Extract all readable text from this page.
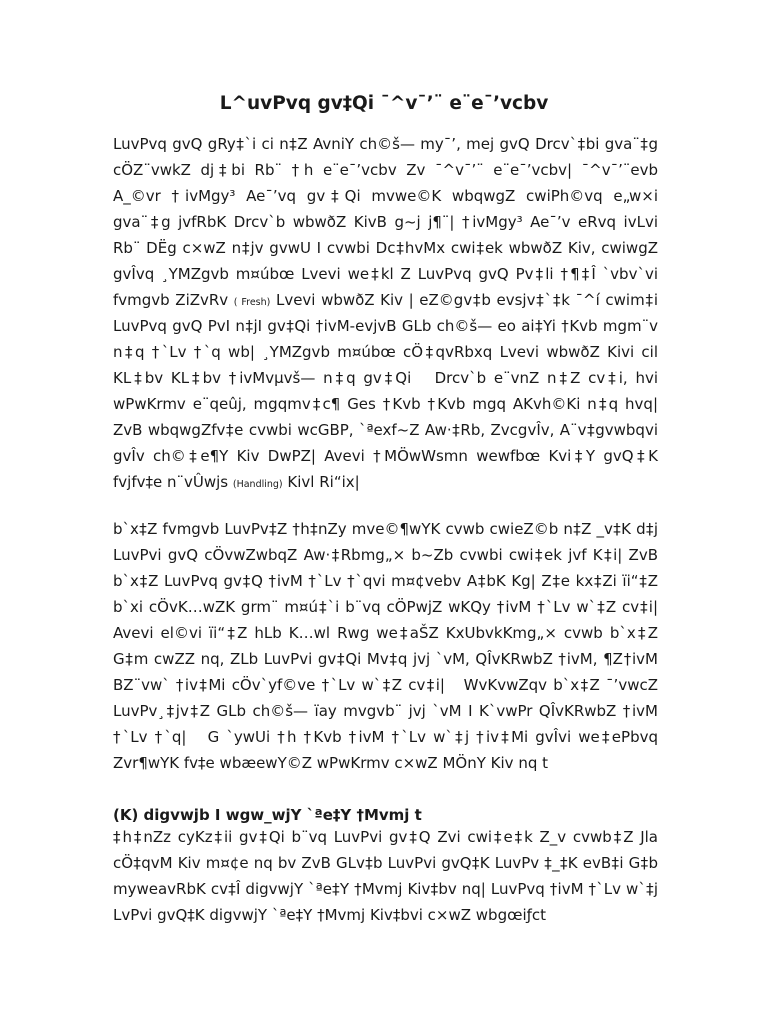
L^uvPvq gv‡Qi ¯^v¯’¨ e¨e¯’vcbv
LuvPvq gvQ gRy‡`i ci n‡Z AvniY ch©š— my¯’, mej gvQ Drcv`‡bi gva¨‡g
cÖZ¨vwkZ dj‡bi Rb¨ †h e¨e¯’vcbv Zv ¯^v¯’¨ e¨e¯’vcbv| ¯^v¯’¨evb
A_©vr †ivMgy³ Ae¯’vq gv‡Qi mvwe©K wbqwgZ cwiPh©vq e„w×i
gva¨‡g jvfRbK Drcv`b wbwðZ KivB g~j j¶¨| †ivMgy³ Ae¯’v eRvq ivLvi
Rb¨ DËg c×wZ n‡jv gvwU I cvwbi Dc‡hvMx cwi‡ek wbwðZ Kiv, cwiwgZ
gvÎvq ¸YMZgvb m¤úbœ Lvevi we‡kl Z LuvPvq gvQ Pv‡li †¶‡Î `vbv`vi
fvmgvb ZiZvRv ( Fresh) Lvevi wbwðZ Kiv | eZ©gv‡b evsjv‡`‡k ¯^í cwim‡i
LuvPvq gvQ PvI n‡jI gv‡Qi †ivM-evjvB GLb ch©š— eo ai‡Yi †Kvb mgm¨v
n‡q †`Lv †`q wb| ¸YMZgvb m¤úbœ cÖ‡qvRbxq Lvevi wbwðZ Kivi cil
KL‡bv KL‡bv †ivMvµvš— n‡q gv‡Qi   Drcv`b e¨vnZ n‡Z cv‡i, hvi
wPwKrmv e¨qeûj, mgqmv‡c¶ Ges †Kvb †Kvb mgq AKvh©Ki n‡q hvq|
ZvB wbqwgZfv‡e cvwbi wcGBP, `ªexf~Z Aw·‡Rb, ZvcgvÎv, A¨v‡gvwbqvi
gvÎv ch©‡e¶Y Kiv DwPZ| Avevi †MÖwWsmn wewfbœ Kvi‡Y gvQ‡K
fvjfv‡e n¨vÛwjs (Handling) Kivl Ri“ix|
b`x‡Z fvmgvb LuvPv‡Z †h‡nZy mve©¶wYK cvwb cwieZ©b n‡Z _v‡K d‡j
LuvPvi gvQ cÖvwZwbqZ Aw·‡Rbmg„× b~Zb cvwbi cwi‡ek jvf K‡i| ZvB
b`x‡Z LuvPvq gv‡Q †ivM †`Lv †`qvi m¤¢vebv A‡bK Kg| Z‡e kx‡Zi ïi“‡Z
b`xi cÖvK…wZK grm¨ m¤ú‡`i b¨vq cÖPwjZ wKQy †ivM †`Lv w`‡Z cv‡i|
Avevi el©vi ïi“‡Z hLb K…wl Rwg we‡aŠZ KxUbvkKmg„× cvwb b`x‡Z
G‡m cwZZ nq, ZLb LuvPvi gv‡Qi Mv‡q jvj `vM, QÎvKRwbZ †ivM, ¶Z†ivM
BZ¨vw` †iv‡Mi cÖv`yf©ve †`Lv w`‡Z cv‡i|   WvKvwZqv b`x‡Z ¯’vwcZ
LuvPv¸‡jv‡Z GLb ch©š— ïay mvgvb¨ jvj `vM I K`vwPr QÎvKRwbZ †ivM
†`Lv †`q|   G `ywUi †h †Kvb †ivM †`Lv w`‡j †iv‡Mi gvÎvi we‡ePbvq
Zvr¶wYK fv‡e wbæewY©Z wPwKrmv c×wZ MÖnY Kiv nq t
(K) digvwjb I wgw_wjY `ªe‡Y †Mvmj t
‡h‡nZz cyKz‡ii gv‡Qi b¨vq LuvPvi gv‡Q Zvi cwi‡e‡k Z_v cvwb‡Z Jla
cÖ‡qvM Kiv m¤¢e nq bv ZvB GLv‡b LuvPvi gvQ‡K LuvPv ‡_‡K evB‡i G‡b
myweavRbK cv‡Î digvwjY `ªe‡Y †Mvmj Kiv‡bv nq| LuvPvq †ivM †`Lv w`‡j
LvPvi gvQ‡K digvwjY `ªe‡Y †Mvmj Kiv‡bvi c×wZ wbgœiƒct
